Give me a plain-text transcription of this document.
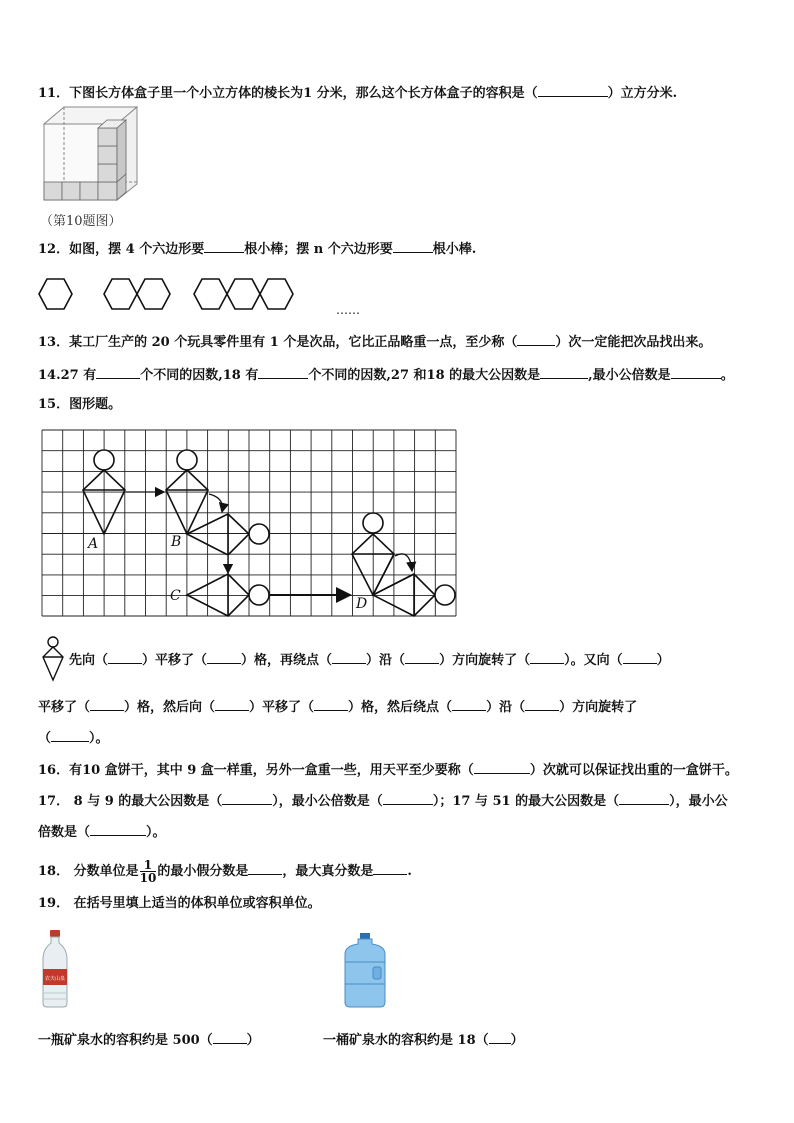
11．下图长方体盒子里一个小立方体的棱长为1 分米，那么这个长方体盒子的容积是（	）立方分米.
（第10题图）
12．如图，摆 4 个六边形要	根小棒；摆 n 个六边形要	根小棒.
……
13．某工厂生产的 20 个玩具零件里有 1 个是次品，它比正品略重一点，至少称（	）次一定能把次品找出来。
14.27 有	个不同的因数,18 有	个不同的因数,27 和18 的最大公因数是	,最小公倍数是	。
15．图形题。
A	B
C	D
先向（	）平移了（	）格，再绕点（	）沿（	）方向旋转了（	）。又向（	）
平移了（	）格，然后向（	）平移了（	）格，然后绕点（	）沿（	）方向旋转了
（	）。
16．有10 盒饼干，其中 9 盒一样重，另外一盒重一些，用天平至少要称（	）次就可以保证找出重的一盒饼干。
17． 8 与 9 的最大公因数是（	），最小公倍数是（	）；17 与 51 的最大公因数是（	），最小公
倍数是（	）。
18． 分数单位是 $\frac{1}{10}$ 的最小假分数是	，最大真分数是	.
19． 在括号里填上适当的体积单位或容积单位。
农夫山泉
一瓶矿泉水的容积约是 500（	）	一桶矿泉水的容积约是 18（ ）
